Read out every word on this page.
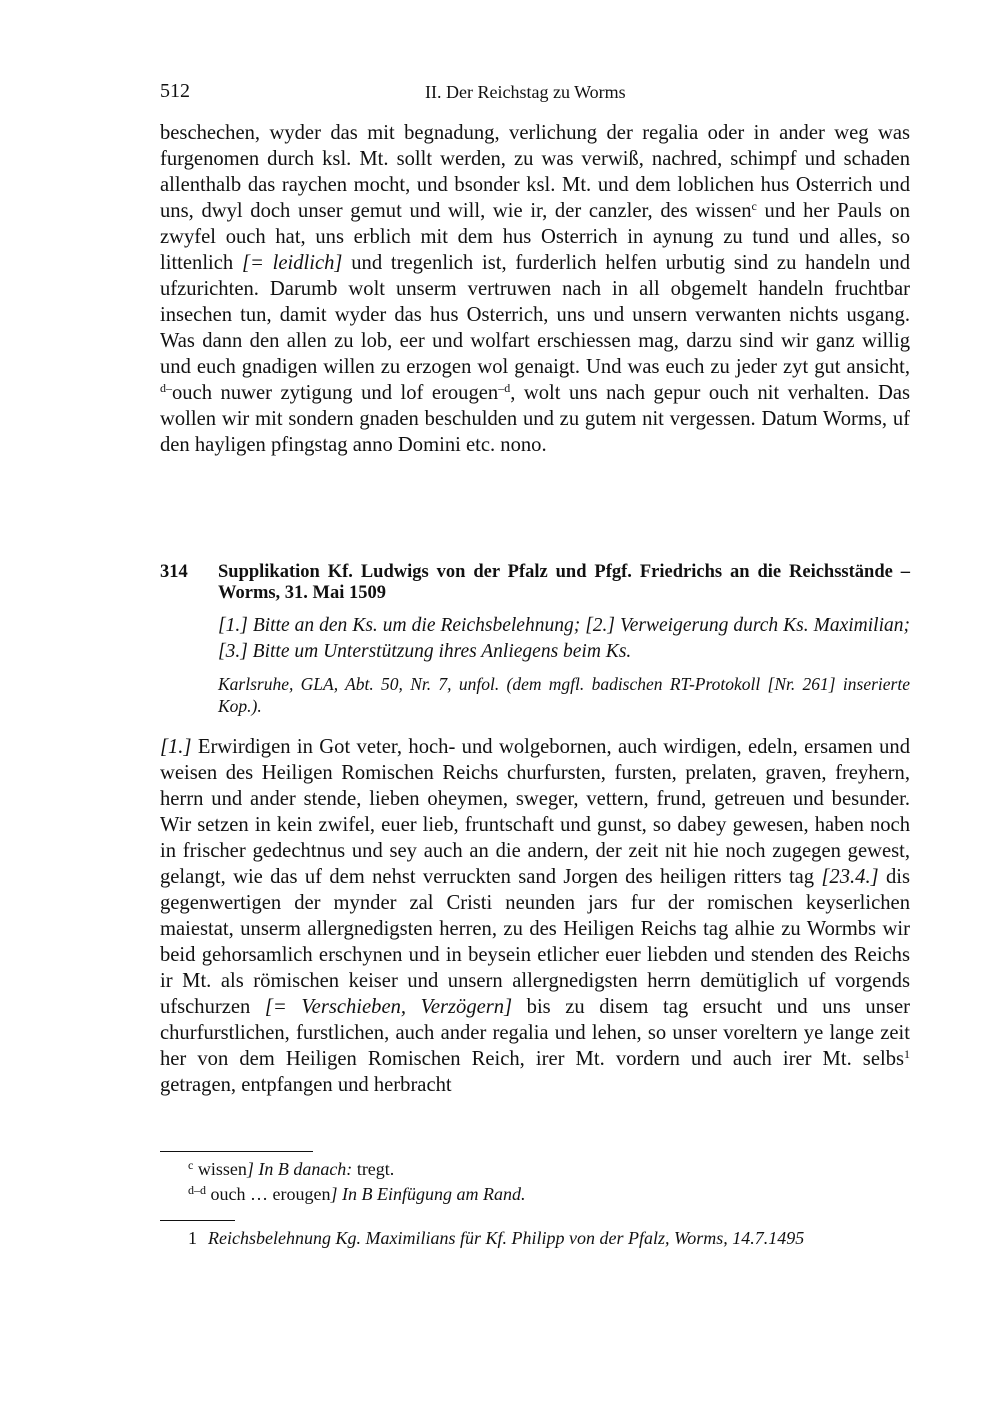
512	II. Der Reichstag zu Worms

beschechen, wyder das mit begnadung, verlichung der regalia oder in ander weg was furgenomen durch ksl. Mt. sollt werden, zu was verwiß, nachred, schimpf und schaden allenthalb das raychen mocht, und bsonder ksl. Mt. und dem loblichen hus Osterrich und uns, dwyl doch unser gemut und will, wie ir, der canzler, des wissen$^c$ und her Pauls on zwyfel ouch hat, uns erblich mit dem hus Osterrich in aynung zu tund und alles, so littenlich [= leidlich] und tregenlich ist, furderlich helfen urbutig sind zu handeln und ufzurichten. Darumb wolt unserm vertruwen nach in all obgemelt handeln fruchtbar insechen tun, damit wyder das hus Osterrich, uns und unsern verwanten nichts usgang. Was dann den allen zu lob, eer und wolfart erschiessen mag, darzu sind wir ganz willig und euch gnadigen willen zu erzogen wol genaigt. Und was euch zu jeder zyt gut ansicht, $^{d-}$ouch nuwer zytigung und lof erougen$^{-d}$, wolt uns nach gepur ouch nit verhalten. Das wollen wir mit sondern gnaden beschulden und zu gutem nit vergessen. Datum Worms, uf den hayligen pfingstag anno Domini etc. nono.

314	Supplikation Kf. Ludwigs von der Pfalz und Pfgf. Friedrichs an die Reichsstände – Worms, 31. Mai 1509
[1.] Bitte an den Ks. um die Reichsbelehnung; [2.] Verweigerung durch Ks. Maximilian; [3.] Bitte um Unterstützung ihres Anliegens beim Ks.
Karlsruhe, GLA, Abt. 50, Nr. 7, unfol. (dem mgfl. badischen RT-Protokoll [Nr. 261] inserierte Kop.).

[1.] Erwirdigen in Got veter, hoch- und wolgebornen, auch wirdigen, edeln, ersamen und weisen des Heiligen Romischen Reichs churfursten, fursten, prelaten, graven, freyhern, herrn und ander stende, lieben oheymen, sweger, vettern, frund, getreuen und besunder. Wir setzen in kein zwifel, euer lieb, fruntschaft und gunst, so dabey gewesen, haben noch in frischer gedechtnus und sey auch an die andern, der zeit nit hie noch zugegen gewest, gelangt, wie das uf dem nehst verruckten sand Jorgen des heiligen ritters tag [23.4.] dis gegenwertigen der mynder zal Cristi neunden jars fur der romischen keyserlichen maiestat, unserm allergnedigsten herren, zu des Heiligen Reichs tag alhie zu Wormbs wir beid gehorsamlich erschynen und in beysein etlicher euer liebden und stenden des Reichs ir Mt. als römischen keiser und unsern allergnedigsten herrn demütiglich uf vorgends ufschurzen [= Verschieben, Verzögern] bis zu disem tag ersucht und uns unser churfurstlichen, furstlichen, auch ander regalia und lehen, so unser voreltern ye lange zeit her von dem Heiligen Romischen Reich, irer Mt. vordern und auch irer Mt. selbs$^1$ getragen, entpfangen und herbracht

$^c$ wissen] In B danach: tregt.
$^{d-d}$ ouch … erougen] In B Einfügung am Rand.
1 Reichsbelehnung Kg. Maximilians für Kf. Philipp von der Pfalz, Worms, 14.7.1495
